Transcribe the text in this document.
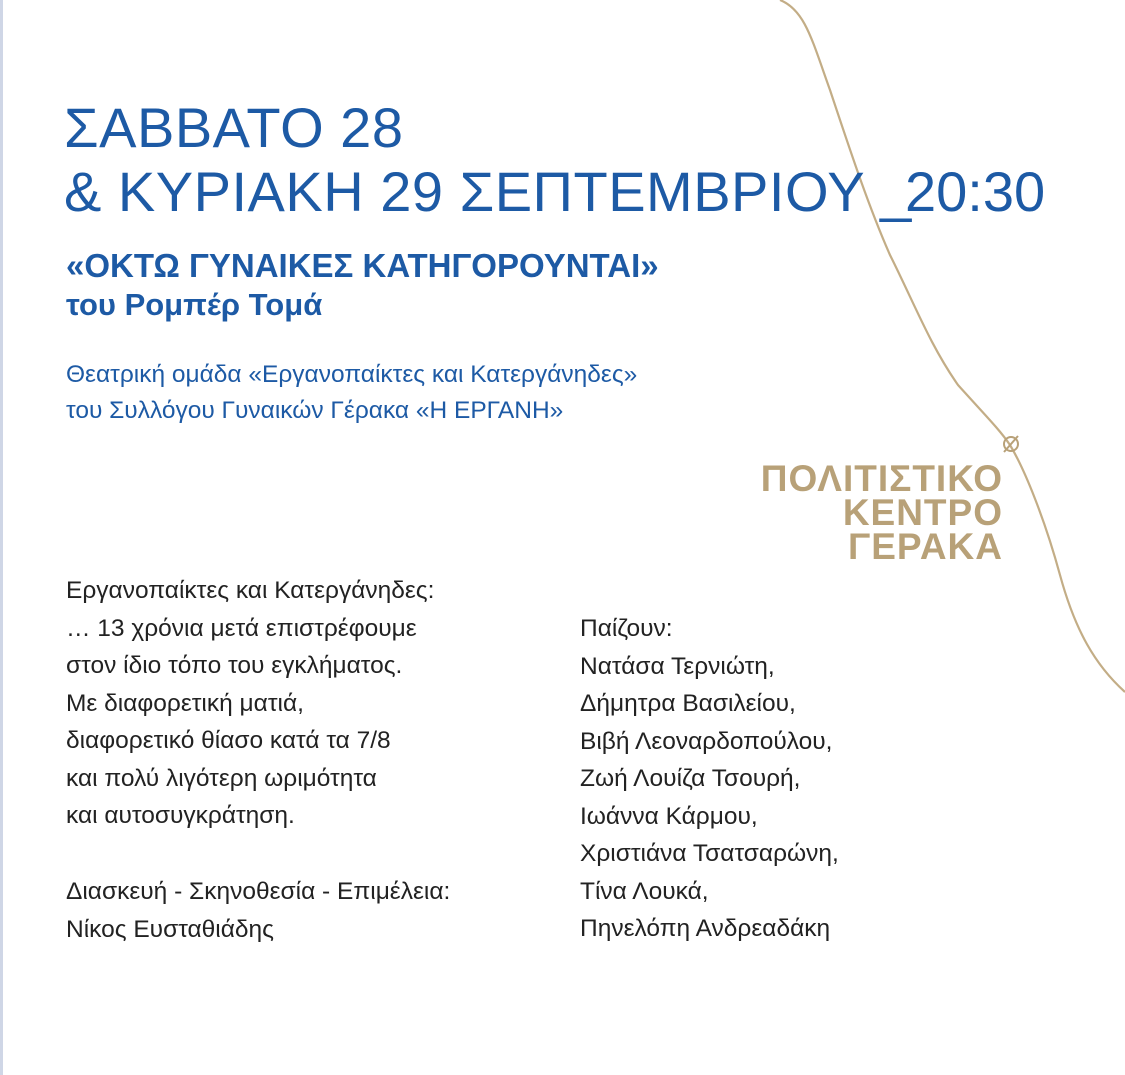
ΣΑΒΒΑΤΟ 28
& ΚΥΡΙΑΚΗ 29 ΣΕΠΤΕΜΒΡΙΟΥ _
20:30
«ΟΚΤΩ ΓΥΝΑΙΚΕΣ ΚΑΤΗΓΟΡΟΥΝΤΑΙ»
του Ρομπέρ Τομά
Θεατρική ομάδα «Εργανοπαίκτες και Κατεργάνηδες»
του Συλλόγου Γυναικών Γέρακα «Η ΕΡΓΑΝΗ»
ΠΟΛΙΤΙΣΤΙΚΟ
ΚΕΝΤΡΟ
ΓΕΡΑΚΑ
Εργανοπαίκτες και Κατεργάνηδες:
… 13 χρόνια μετά επιστρέφουμε
στον ίδιο τόπο του εγκλήματος.
Με διαφορετική ματιά,
διαφορετικό θίασο κατά τα 7/8
και πολύ λιγότερη ωριμότητα
και αυτοσυγκράτηση.
Διασκευή - Σκηνοθεσία - Επιμέλεια:
Νίκος Ευσταθιάδης
Παίζουν:
Νατάσα Τερνιώτη,
Δήμητρα Βασιλείου,
Βιβή Λεοναρδοπούλου,
Ζωή Λουίζα Τσουρή,
Ιωάννα Κάρμου,
Χριστιάνα Τσατσαρώνη,
Τίνα Λουκά,
Πηνελόπη Ανδρεαδάκη
